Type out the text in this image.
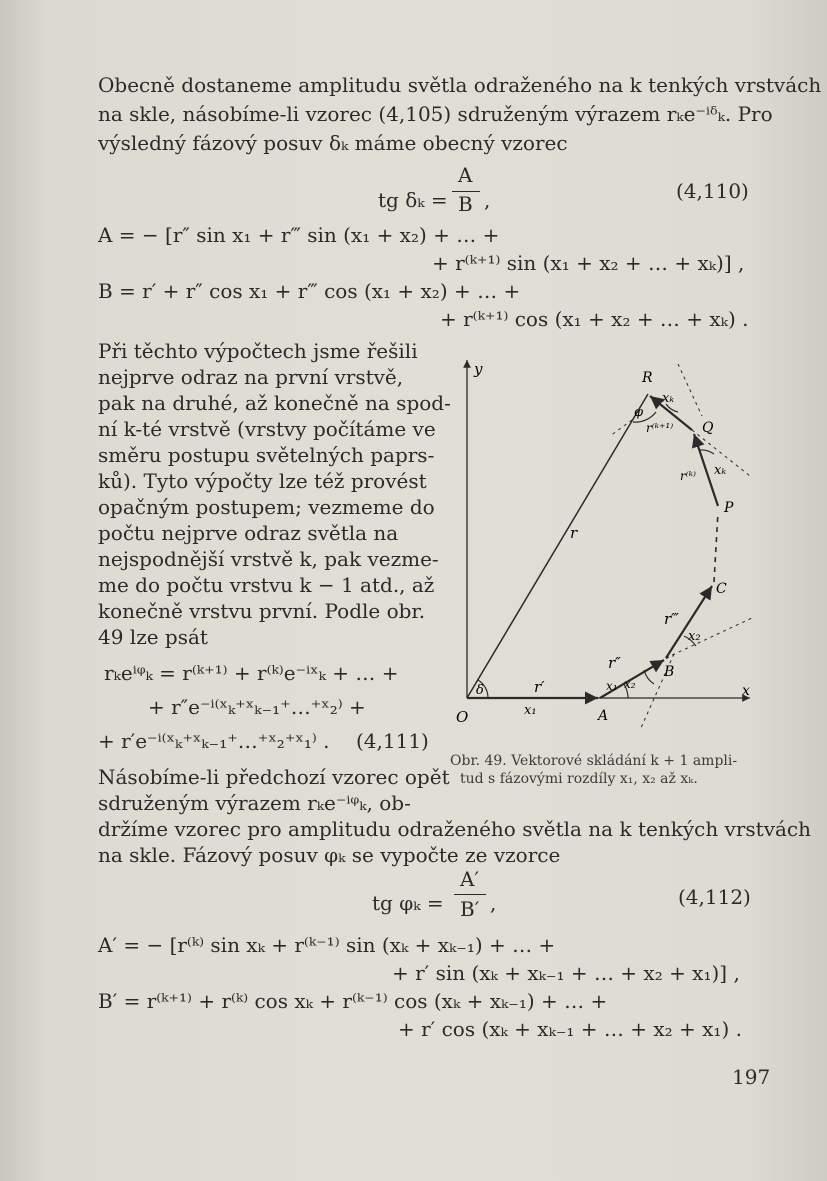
Obecně dostaneme amplitudu světla odraženého na k tenkých vrstvách
na skle, násobíme-li vzorec (4,105) sdruženým výrazem rₖe⁻ⁱᵟₖ. Pro
výsledný fázový posuv δₖ máme obecný vzorec
tg δₖ =
A
B ,	(4,110)
A = − [r″ sin x₁ + r‴ sin (x₁ + x₂) + … +
+ r⁽ᵏ⁺¹⁾ sin (x₁ + x₂ + … + xₖ)] ,
B = r′ + r″ cos x₁ + r‴ cos (x₁ + x₂) + … +
+ r⁽ᵏ⁺¹⁾ cos (x₁ + x₂ + … + xₖ) .
Při těchto výpočtech jsme řešili
nejprve odraz na první vrstvě,
pak na druhé, až konečně na spod-
ní k-té vrstvě (vrstvy počítáme ve
směru postupu světelných paprs-
ků). Tyto výpočty lze též provést
opačným postupem; vezmeme do
počtu nejprve odraz světla na
nejspodnější vrstvě k, pak vezme-
me do počtu vrstvu k − 1 atd., až
konečně vrstvu první. Podle obr.
49 lze psát
rₖeⁱᵠₖ = r⁽ᵏ⁺¹⁾ + r⁽ᵏ⁾e⁻ⁱˣₖ + … +
+ r″e⁻ⁱ⁽ˣₖ⁺ˣₖ₋₁⁺…⁺ˣ₂⁾ +
+ r′e⁻ⁱ⁽ˣₖ⁺ˣₖ₋₁⁺…⁺ˣ₂⁺ˣ₁⁾ . (4,111)
Násobíme-li předchozí vzorec opět
sdruženým výrazem rₖe⁻ⁱᵠₖ, ob-
držíme vzorec pro amplitudu odraženého světla na k tenkých vrstvách
na skle. Fázový posuv φₖ se vypočte ze vzorce
Obr. 49. Vektorové skládání k + 1 ampli-
tud s fázovými rozdíly x₁, x₂ až xₖ.
y
x
O	A
B
C
P
Q
R
r
r′
r″
r‴
r⁽ᵏ⁾
r⁽ᵏ⁺¹⁾
x₁
x₁ x₂
x₂
xₖ
xₖ
δ
φ
tg φₖ =
A′
B′ ,	(4,112)
A′ = − [r⁽ᵏ⁾ sin xₖ + r⁽ᵏ⁻¹⁾ sin (xₖ + xₖ₋₁) + … +
+ r′ sin (xₖ + xₖ₋₁ + … + x₂ + x₁)] ,
B′ = r⁽ᵏ⁺¹⁾ + r⁽ᵏ⁾ cos xₖ + r⁽ᵏ⁻¹⁾ cos (xₖ + xₖ₋₁) + … +
+ r′ cos (xₖ + xₖ₋₁ + … + x₂ + x₁) .
197
